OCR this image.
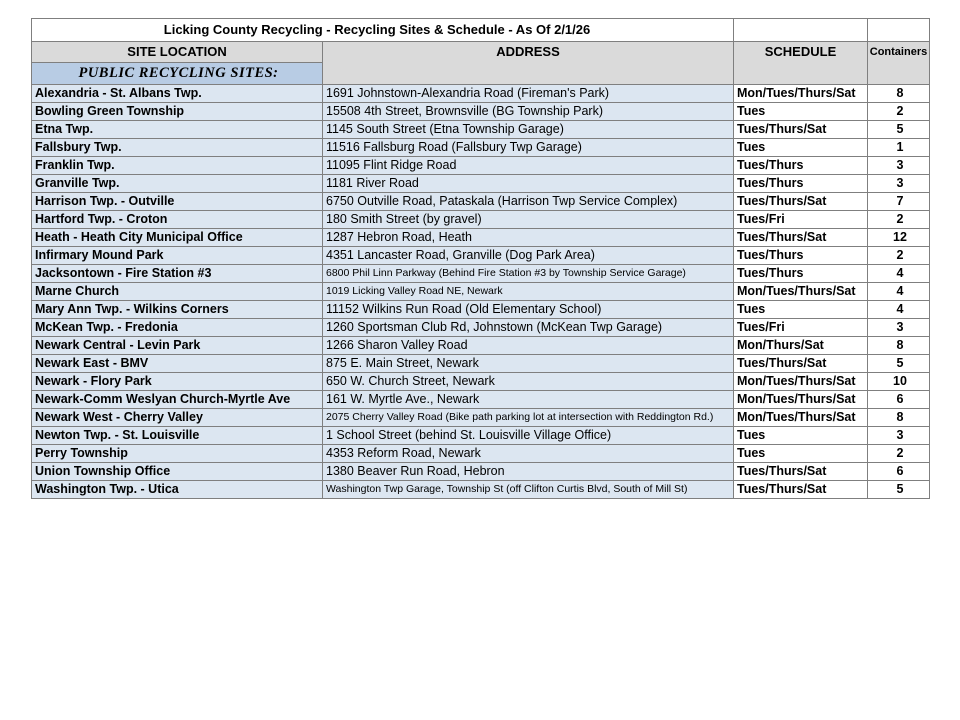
Licking County Recycling - Recycling Sites & Schedule - As Of 2/1/26			
SITE LOCATION	ADDRESS	SCHEDULE	Containers
PUBLIC RECYCLING SITES:			
Alexandria - St. Albans Twp.	1691 Johnstown-Alexandria Road (Fireman's Park)	Mon/Tues/Thurs/Sat	8
Bowling Green Township	15508 4th Street, Brownsville (BG Township Park)	Tues	2
Etna Twp.	1145 South Street (Etna Township Garage)	Tues/Thurs/Sat	5
Fallsbury Twp.	11516 Fallsburg Road (Fallsbury Twp Garage)	Tues	1
Franklin Twp.	11095 Flint Ridge Road	Tues/Thurs	3
Granville Twp.	1181 River Road	Tues/Thurs	3
Harrison Twp. - Outville	6750 Outville Road, Pataskala (Harrison Twp Service Complex)	Tues/Thurs/Sat	7
Hartford Twp. - Croton	180 Smith Street (by gravel)	Tues/Fri	2
Heath - Heath City Municipal Office	1287 Hebron Road, Heath	Tues/Thurs/Sat	12
Infirmary Mound Park	4351 Lancaster Road, Granville (Dog Park Area)	Tues/Thurs	2
Jacksontown - Fire Station #3	6800 Phil Linn Parkway (Behind Fire Station #3 by Township Service Garage)	Tues/Thurs	4
Marne Church	1019 Licking Valley Road NE, Newark	Mon/Tues/Thurs/Sat	4
Mary Ann Twp. - Wilkins Corners	11152 Wilkins Run Road (Old Elementary School)	Tues	4
McKean Twp. - Fredonia	1260 Sportsman Club Rd, Johnstown (McKean Twp Garage)	Tues/Fri	3
Newark Central - Levin Park	1266 Sharon Valley Road	Mon/Thurs/Sat	8
Newark East - BMV	875 E. Main Street, Newark	Tues/Thurs/Sat	5
Newark - Flory Park	650 W. Church Street, Newark	Mon/Tues/Thurs/Sat	10
Newark-Comm Weslyan Church-Myrtle Ave	161 W. Myrtle Ave., Newark	Mon/Tues/Thurs/Sat	6
Newark West - Cherry Valley	2075 Cherry Valley Road (Bike path parking lot at intersection with Reddington Rd.)	Mon/Tues/Thurs/Sat	8
Newton Twp. - St. Louisville	1 School Street (behind St. Louisville Village Office)	Tues	3
Perry Township	4353 Reform Road, Newark	Tues	2
Union Township Office	1380 Beaver Run Road, Hebron	Tues/Thurs/Sat	6
Washington Twp. - Utica	Washington Twp Garage, Township St (off Clifton Curtis Blvd, South of Mill St)	Tues/Thurs/Sat	5
